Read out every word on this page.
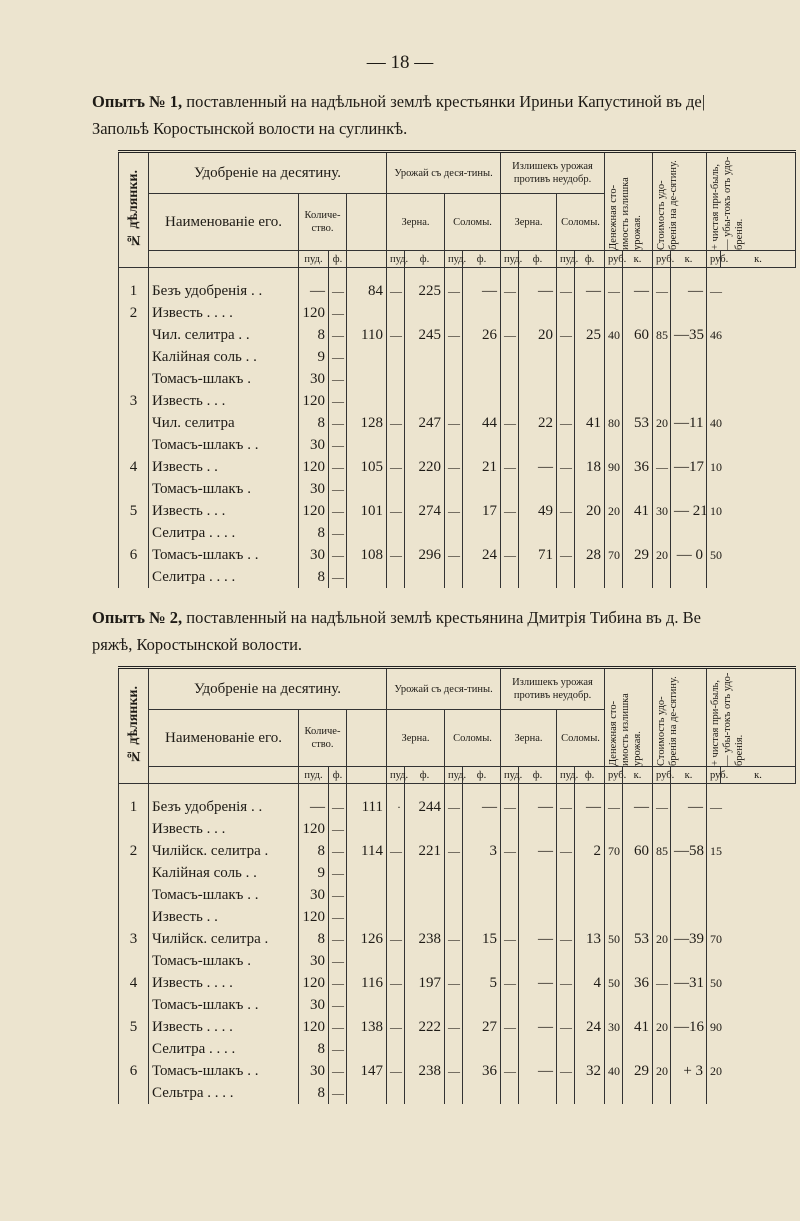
— 18 —
Опытъ № 1, поставленный на надѣльной землѣ крестьянки Ириньи Капустиной въ де|
Запольѣ Коростынской волости на суглинкѣ.
№ дѣлянки.	Удобреніе на десятину.				Урожай съ деся-тины.				Излишекъ урожая противъ неудобр.				Денежная сто-имость излишка урожая.		Стоимость удо-бренія на де-сятину.		+ чистая при-быль, — убы-токъ отъ удо-бренія.	

	Наименованіе его.	Количе-ство.			Зерна.		Соломы.		Зерна.		Соломы.							
		пуд.	ф.		пуд.	ф.	пуд.	ф.	пуд.	ф.	пуд.	ф.	руб.	к.	руб.	к.	руб.	к.

1	Безъ удобренія . .	—	—	84	—	225	—	—	—	—	—	—	—	—	—	—	—	
2	Известь . . . .	120	—															
	Чил. селитра . .	8	—	110	—	245	—	26	—	20	—	25	40	60	85	—35	46	
	Калійная соль . .	9	—															
	Томасъ-шлакъ .	30	—															
3	Известь . . .	120	—															
	Чил. селитра	8	—	128	—	247	—	44	—	22	—	41	80	53	20	—11	40	
	Томасъ-шлакъ . .	30	—															
4	Известь . .	120	—	105	—	220	—	21	—	—	—	18	90	36	—	—17	10	
	Томасъ-шлакъ .	30	—															
5	Известь . . .	120	—	101	—	274	—	17	—	49	—	20	20	41	30	— 21	10	
	Селитра . . . .	8	—															
6	Томасъ-шлакъ . .	30	—	108	—	296	—	24	—	71	—	28	70	29	20	— 0	50	
	Селитра . . . .	8	—															
Опытъ № 2, поставленный на надѣльной землѣ крестьянина Дмитрія Тибина въ д. Ве
ряжѣ, Коростынской волости.
№ дѣлянки.	Удобреніе на десятину.				Урожай съ деся-тины.				Излишекъ урожая противъ неудобр.				Денежная сто-имость излишка урожая.		Стоимость удо-бренія на де-сятину.		+ чистая при-быль, — убы-токъ отъ удо-бренія.	

	Наименованіе его.	Количе-ство.			Зерна.		Соломы.		Зерна.		Соломы.							
		пуд.	ф.		пуд.	ф.	пуд.	ф.	пуд.	ф.	пуд.	ф.	руб.	к.	руб.	к.	руб.	к.

1	Безъ удобренія . .	—	—	111	·	244	—	—	—	—	—	—	—	—	—	—	—	
	Известь . . .	120	—															
2	Чилійск. селитра .	8	—	114	—	221	—	3	—	—	—	2	70	60	85	—58	15	
	Калійная соль . .	9	—															
	Томасъ-шлакъ . .	30	—															
	Известь . .	120	—															
3	Чилійск. селитра .	8	—	126	—	238	—	15	—	—	—	13	50	53	20	—39	70	
	Томасъ-шлакъ .	30	—															
4	Известь . . . .	120	—	116	—	197	—	5	—	—	—	4	50	36	—	—31	50	
	Томасъ-шлакъ . .	30	—															
5	Известь . . . .	120	—	138	—	222	—	27	—	—	—	24	30	41	20	—16	90	
	Селитра . . . .	8	—															
6	Томасъ-шлакъ . .	30	—	147	—	238	—	36	—	—	—	32	40	29	20	+ 3	20	
	Сельтра . . . .	8	—															
